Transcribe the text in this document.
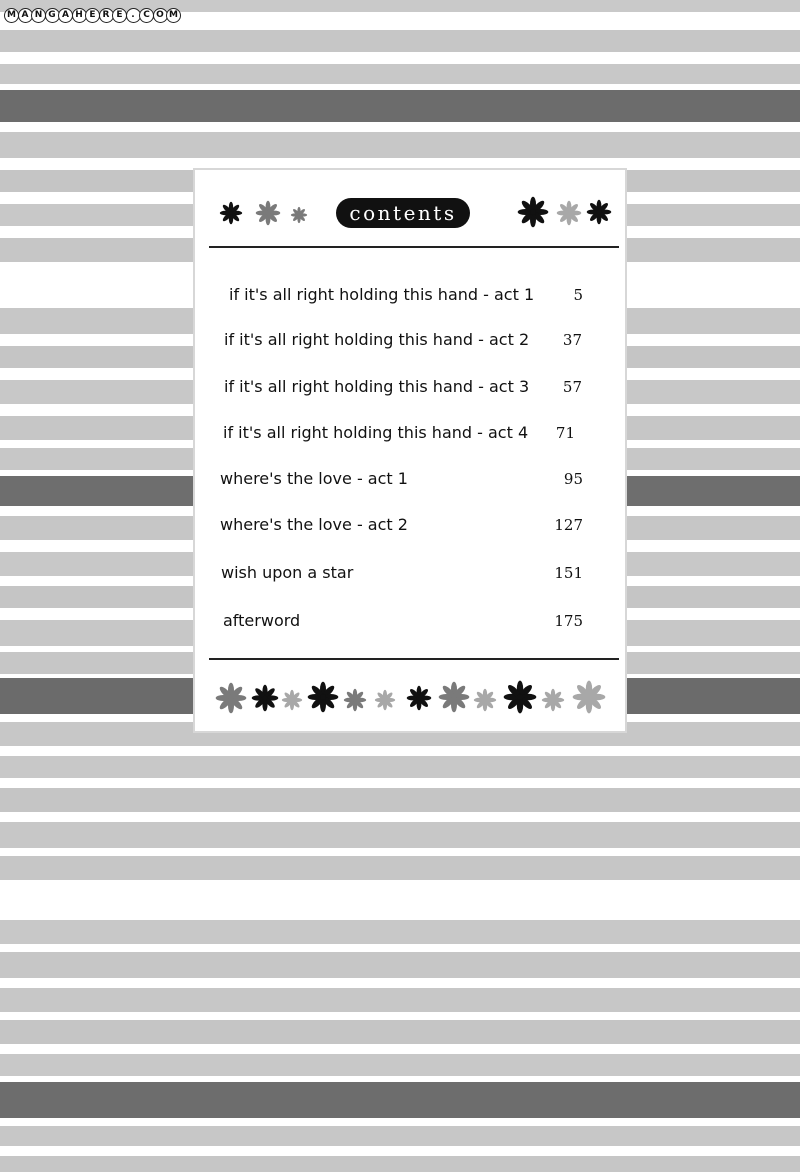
M A N G A H E R E . C O M
contents
if it's all right holding this hand - act 1	5
if it's all right holding this hand - act 2	37
if it's all right holding this hand - act 3	57
if it's all right holding this hand - act 4	71
where's the love - act 1	95
where's the love - act 2	127
wish upon a star	151
afterword	175
